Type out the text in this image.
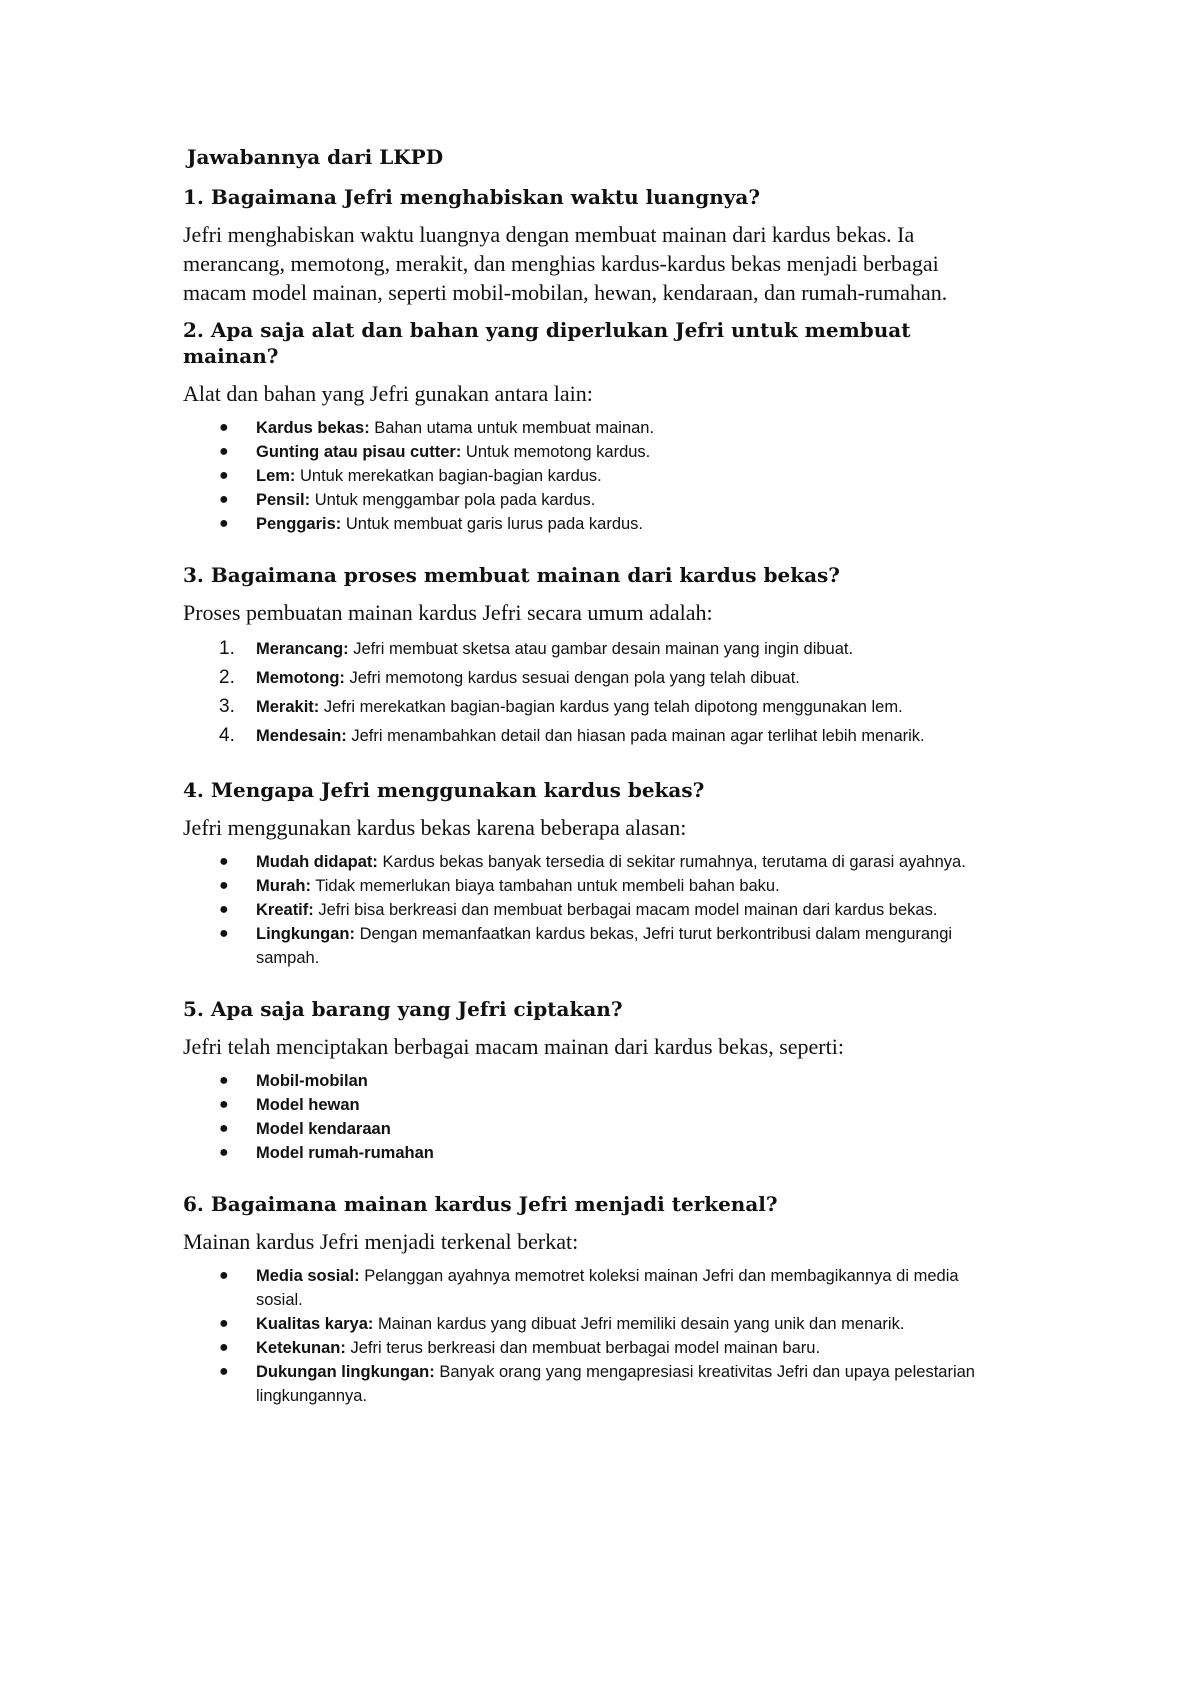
Jawabannya dari LKPD
1. Bagaimana Jefri menghabiskan waktu luangnya?

Jefri menghabiskan waktu luangnya dengan membuat mainan dari kardus bekas. Ia merancang, memotong, merakit, dan menghias kardus-kardus bekas menjadi berbagai macam model mainan, seperti mobil-mobilan, hewan, kendaraan, dan rumah-rumahan.

2. Apa saja alat dan bahan yang diperlukan Jefri untuk membuat mainan?

Alat dan bahan yang Jefri gunakan antara lain:

● Kardus bekas: Bahan utama untuk membuat mainan.
● Gunting atau pisau cutter: Untuk memotong kardus.
● Lem: Untuk merekatkan bagian-bagian kardus.
● Pensil: Untuk menggambar pola pada kardus.
● Penggaris: Untuk membuat garis lurus pada kardus.
3. Bagaimana proses membuat mainan dari kardus bekas?

Proses pembuatan mainan kardus Jefri secara umum adalah:

1. Merancang: Jefri membuat sketsa atau gambar desain mainan yang ingin dibuat.
2. Memotong: Jefri memotong kardus sesuai dengan pola yang telah dibuat.
3. Merakit: Jefri merekatkan bagian-bagian kardus yang telah dipotong menggunakan lem.
4. Mendesain: Jefri menambahkan detail dan hiasan pada mainan agar terlihat lebih menarik.
4. Mengapa Jefri menggunakan kardus bekas?

Jefri menggunakan kardus bekas karena beberapa alasan:

● Mudah didapat: Kardus bekas banyak tersedia di sekitar rumahnya, terutama di garasi ayahnya.
● Murah: Tidak memerlukan biaya tambahan untuk membeli bahan baku.
● Kreatif: Jefri bisa berkreasi dan membuat berbagai macam model mainan dari kardus bekas.
● Lingkungan: Dengan memanfaatkan kardus bekas, Jefri turut berkontribusi dalam mengurangi sampah.
5. Apa saja barang yang Jefri ciptakan?

Jefri telah menciptakan berbagai macam mainan dari kardus bekas, seperti:

● Mobil-mobilan
● Model hewan
● Model kendaraan
● Model rumah-rumahan
6. Bagaimana mainan kardus Jefri menjadi terkenal?

Mainan kardus Jefri menjadi terkenal berkat:

● Media sosial: Pelanggan ayahnya memotret koleksi mainan Jefri dan membagikannya di media sosial.
● Kualitas karya: Mainan kardus yang dibuat Jefri memiliki desain yang unik dan menarik.
● Ketekunan: Jefri terus berkreasi dan membuat berbagai model mainan baru.
● Dukungan lingkungan: Banyak orang yang mengapresiasi kreativitas Jefri dan upaya pelestarian lingkungannya.
